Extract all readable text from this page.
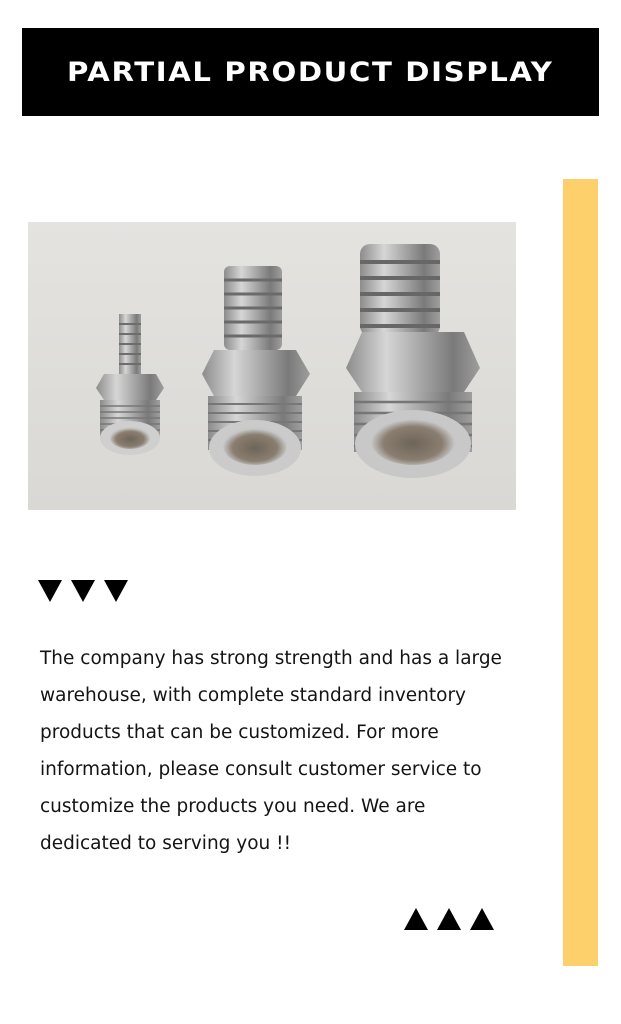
PARTIAL PRODUCT DISPLAY

The company has strong strength and has a large
warehouse, with complete standard inventory
products that can be customized. For more
information, please consult customer service to
customize the products you need. We are
dedicated to serving you !!
